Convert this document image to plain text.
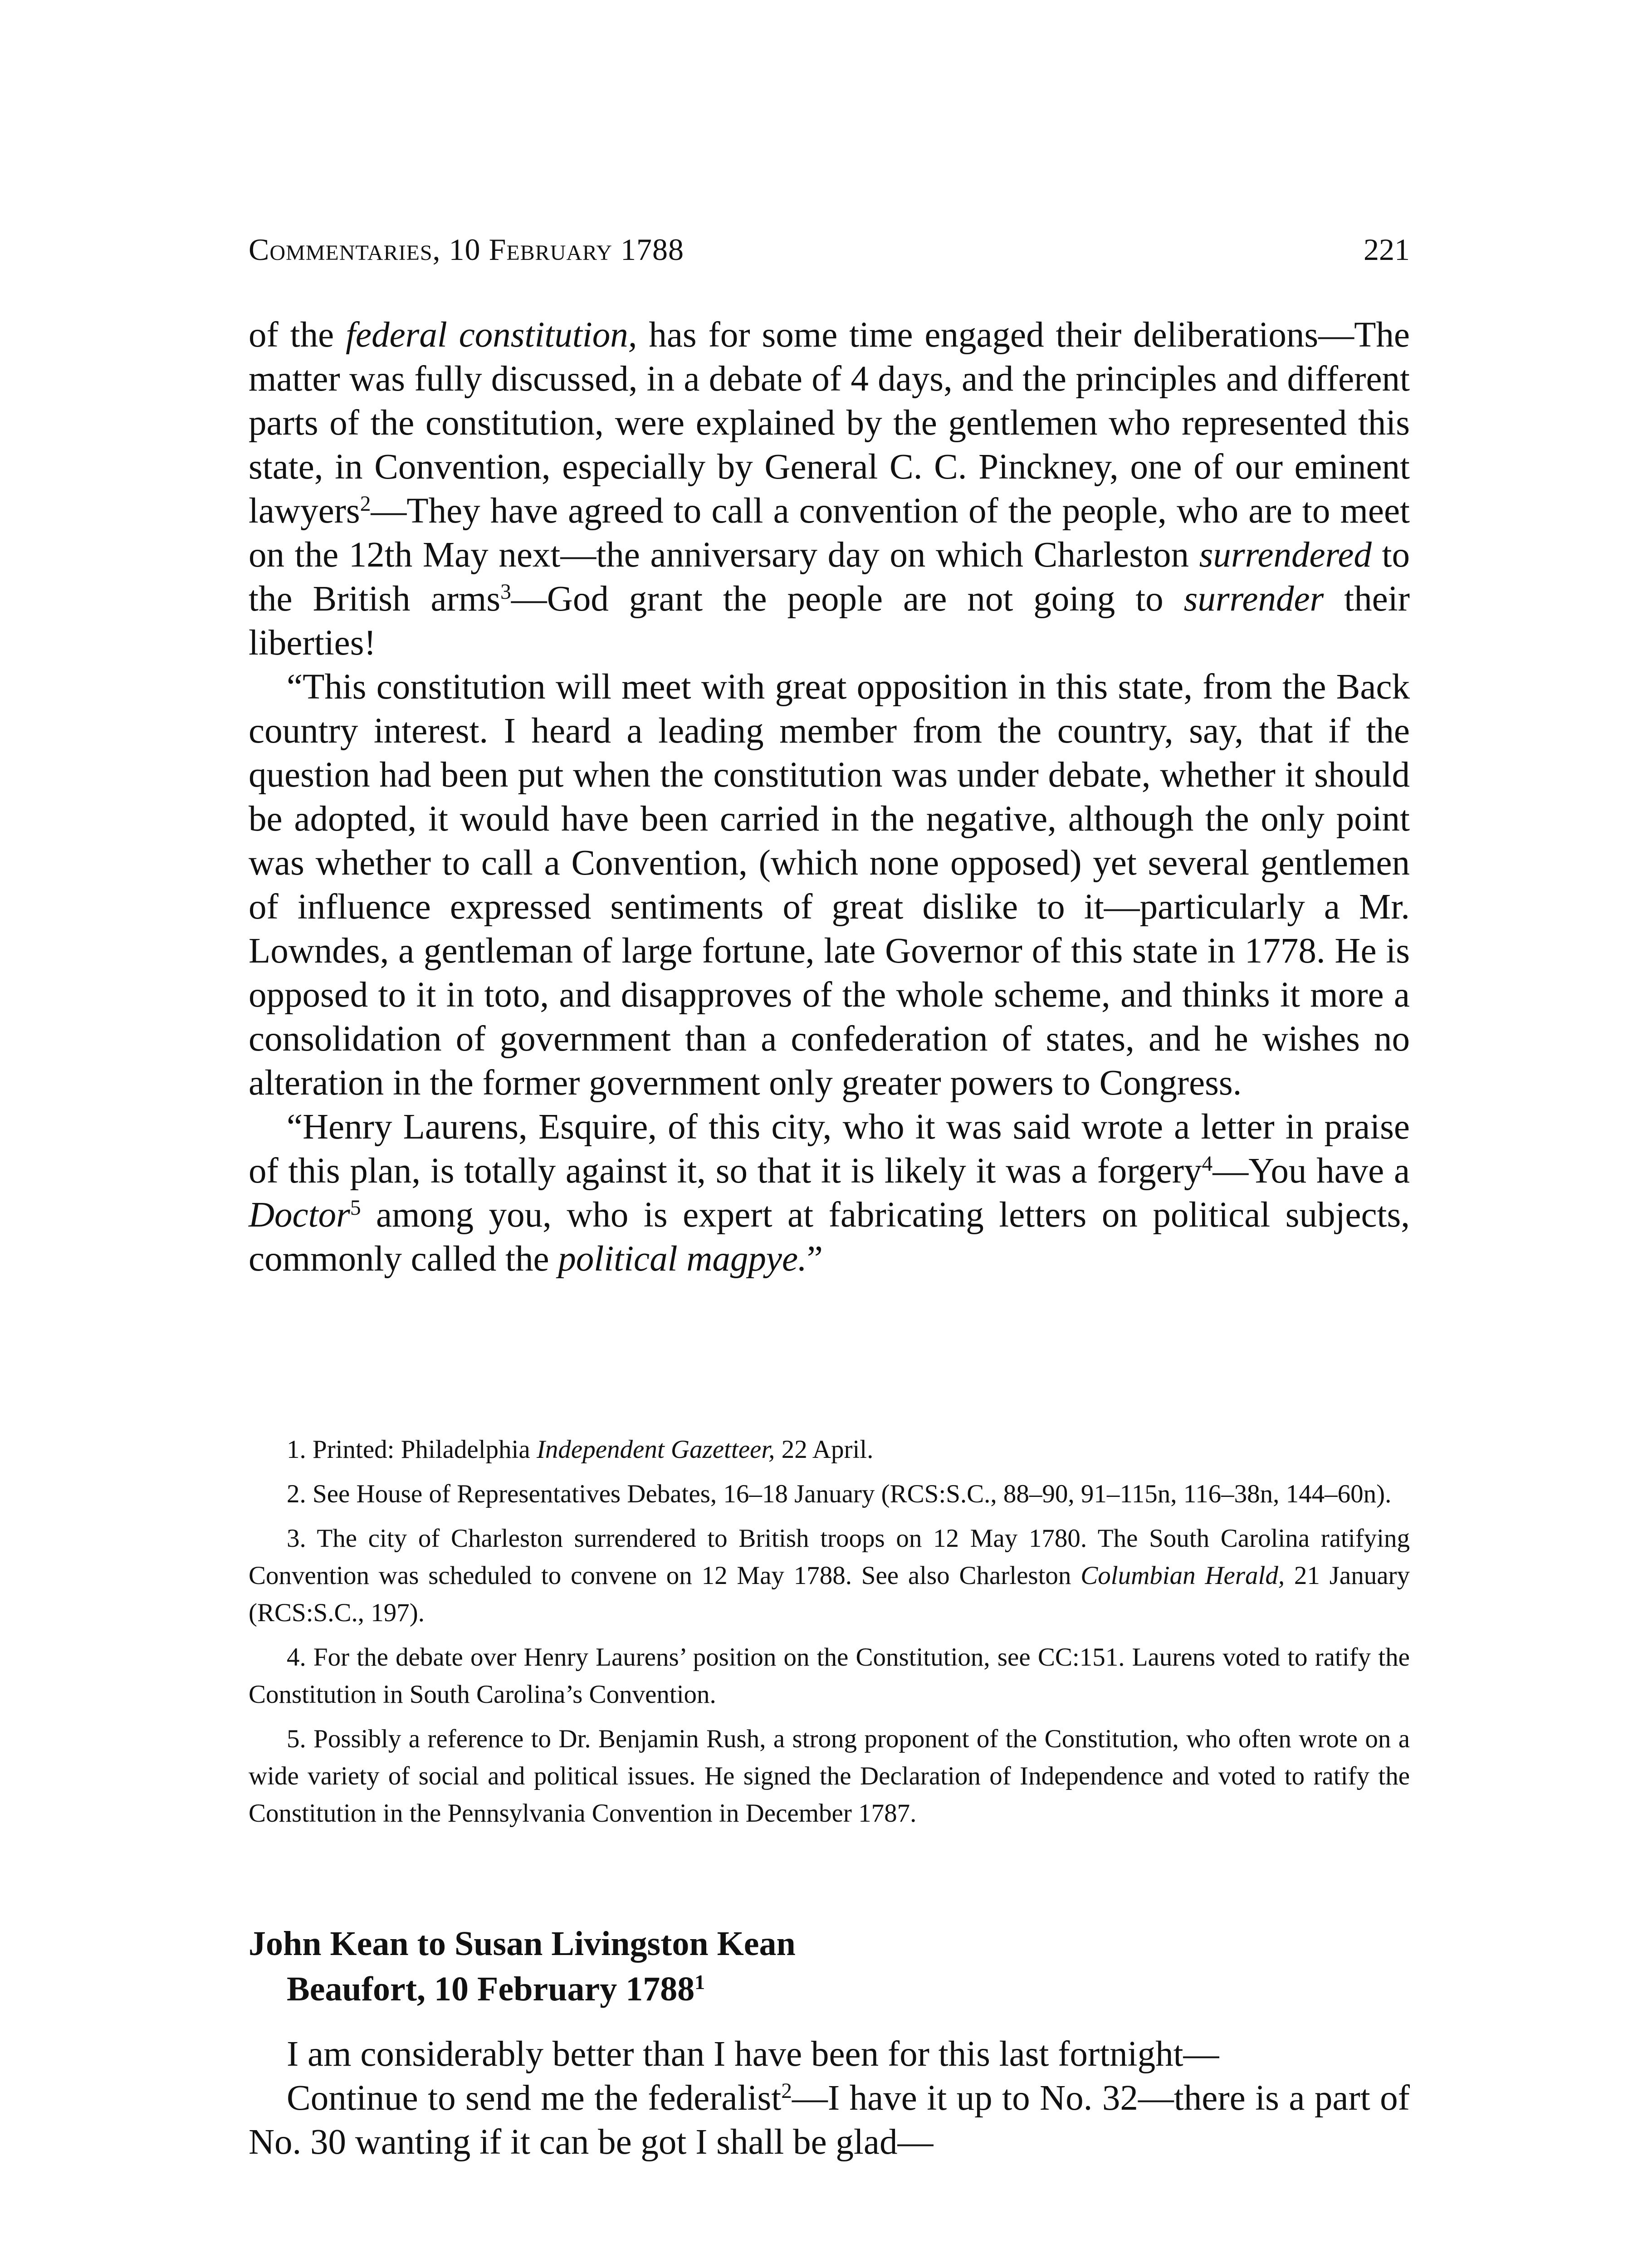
Commentaries, 10 February 1788	221

of the federal constitution, has for some time engaged their deliberations—The matter was fully discussed, in a debate of 4 days, and the principles and different parts of the constitution, were explained by the gentlemen who represented this state, in Convention, especially by General C. C. Pinckney, one of our eminent lawyers$^2$—They have agreed to call a convention of the people, who are to meet on the 12th May next—the anniversary day on which Charleston surrendered to the British arms$^3$—God grant the people are not going to surrender their liberties!

“This constitution will meet with great opposition in this state, from the Back country interest. I heard a leading member from the country, say, that if the question had been put when the constitution was under debate, whether it should be adopted, it would have been carried in the negative, although the only point was whether to call a Convention, (which none opposed) yet several gentlemen of influence expressed sentiments of great dislike to it—particularly a Mr. Lowndes, a gentleman of large fortune, late Governor of this state in 1778. He is opposed to it in toto, and disapproves of the whole scheme, and thinks it more a consolidation of government than a confederation of states, and he wishes no alteration in the former government only greater powers to Congress.

“Henry Laurens, Esquire, of this city, who it was said wrote a letter in praise of this plan, is totally against it, so that it is likely it was a forgery$^4$—You have a Doctor$^5$ among you, who is expert at fabricating letters on political subjects, commonly called the political magpye.”

1. Printed: Philadelphia Independent Gazetteer, 22 April.

2. See House of Representatives Debates, 16–18 January (RCS:S.C., 88–90, 91–115n, 116–38n, 144–60n).

3. The city of Charleston surrendered to British troops on 12 May 1780. The South Carolina ratifying Convention was scheduled to convene on 12 May 1788. See also Charleston Columbian Herald, 21 January (RCS:S.C., 197).

4. For the debate over Henry Laurens’ position on the Constitution, see CC:151. Laurens voted to ratify the Constitution in South Carolina’s Convention.

5. Possibly a reference to Dr. Benjamin Rush, a strong proponent of the Constitution, who often wrote on a wide variety of social and political issues. He signed the Declaration of Independence and voted to ratify the Constitution in the Pennsylvania Convention in December 1787.

John Kean to Susan Livingston Kean
Beaufort, 10 February 1788$^1$

I am considerably better than I have been for this last fortnight—

Continue to send me the federalist$^2$—I have it up to No. 32—there is a part of No. 30 wanting if it can be got I shall be glad—
